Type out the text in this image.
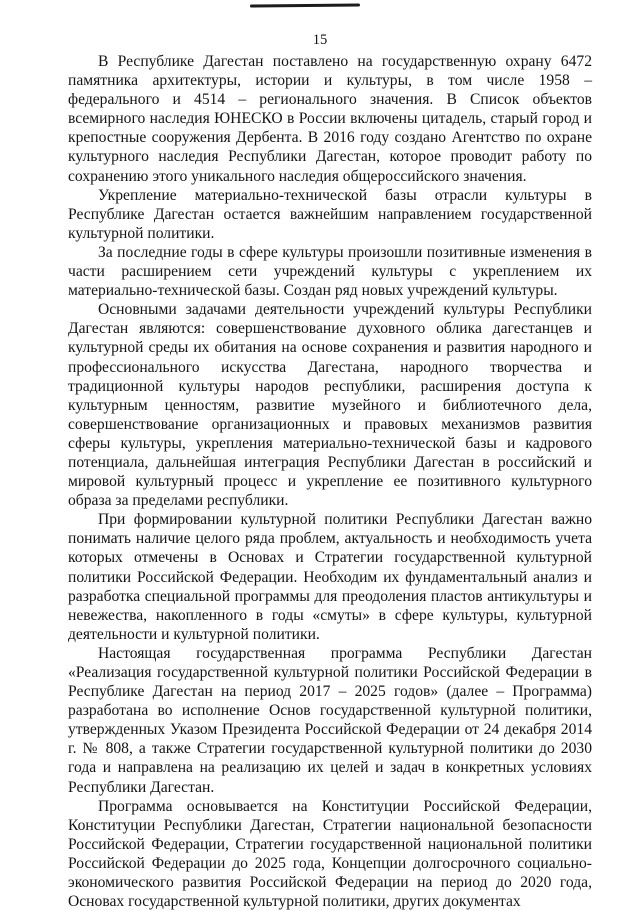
15

В Республике Дагестан поставлено на государственную охрану 6472 памятника архитектуры, истории и культуры, в том числе 1958 – федерального и 4514 – регионального значения. В Список объектов всемирного наследия ЮНЕСКО в России включены цитадель, старый город и крепостные сооружения Дербента. В 2016 году создано Агентство по охране культурного наследия Республики Дагестан, которое проводит работу по сохранению этого уникального наследия общероссийского значения.

Укрепление материально-технической базы отрасли культуры в Республике Дагестан остается важнейшим направлением государственной культурной политики.

За последние годы в сфере культуры произошли позитивные изменения в части расширением сети учреждений культуры с укреплением их материально-технической базы. Создан ряд новых учреждений культуры.

Основными задачами деятельности учреждений культуры Республики Дагестан являются: совершенствование духовного облика дагестанцев и культурной среды их обитания на основе сохранения и развития народного и профессионального искусства Дагестана, народного творчества и традиционной культуры народов республики, расширения доступа к культурным ценностям, развитие музейного и библиотечного дела, совершенствование организационных и правовых механизмов развития сферы культуры, укрепления материально-технической базы и кадрового потенциала, дальнейшая интеграция Республики Дагестан в российский и мировой культурный процесс и укрепление ее позитивного культурного образа за пределами республики.

При формировании культурной политики Республики Дагестан важно понимать наличие целого ряда проблем, актуальность и необходимость учета которых отмечены в Основах и Стратегии государственной культурной политики Российской Федерации. Необходим их фундаментальный анализ и разработка специальной программы для преодоления пластов антикультуры и невежества, накопленного в годы «смуты» в сфере культуры, культурной деятельности и культурной политики.

Настоящая государственная программа Республики Дагестан «Реализация государственной культурной политики Российской Федерации в Республике Дагестан на период 2017 – 2025 годов» (далее – Программа) разработана во исполнение Основ государственной культурной политики, утвержденных Указом Президента Российской Федерации от 24 декабря 2014 г. № 808, а также Стратегии государственной культурной политики до 2030 года и направлена на реализацию их целей и задач в конкретных условиях Республики Дагестан.

Программа основывается на Конституции Российской Федерации, Конституции Республики Дагестан, Стратегии национальной безопасности Российской Федерации, Стратегии государственной национальной политики Российской Федерации до 2025 года, Концепции долгосрочного социально-экономического развития Российской Федерации на период до 2020 года, Основах государственной культурной политики, других документах
